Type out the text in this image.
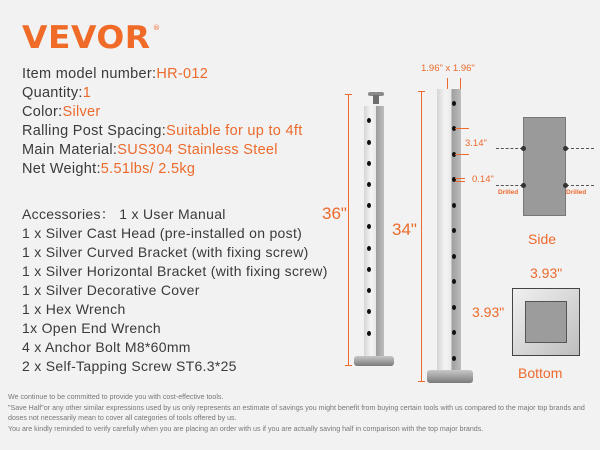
VEVOR ®
Item model number:HR-012
Quantity:1
Color:Silver
Ralling Post Spacing:Suitable for up to 4ft
Main Material:SUS304 Stainless Steel
Net Weight:5.51lbs/ 2.5kg
Accessories： 1 x User Manual
1 x Silver Cast Head (pre-installed on post)
1 x Silver Curved Bracket (with fixing screw)
1 x Silver Horizontal Bracket (with fixing screw)
1 x Silver Decorative Cover
1 x Hex Wrench
1x Open End Wrench
4 x Anchor Bolt M8*60mm
2 x Self-Tapping Screw ST6.3*25
36"
34"
1.96" x 1.96"
3.14"
0.14"
Drilled	Drilled
Side
3.93"
3.93"
Bottom
We continue to be committed to provide you with cost-effective tools.
"Save Half"or any other similar expressions used by us only represents an estimate of savings you might benefit from buying certain tools with us compared to the major top brands and doses not necessarily mean to cover all categories of tools offered by us.
You are kindly reminded to verify carefully when you are placing an order with us if you are actually saving half in comparison with the top major brands.
